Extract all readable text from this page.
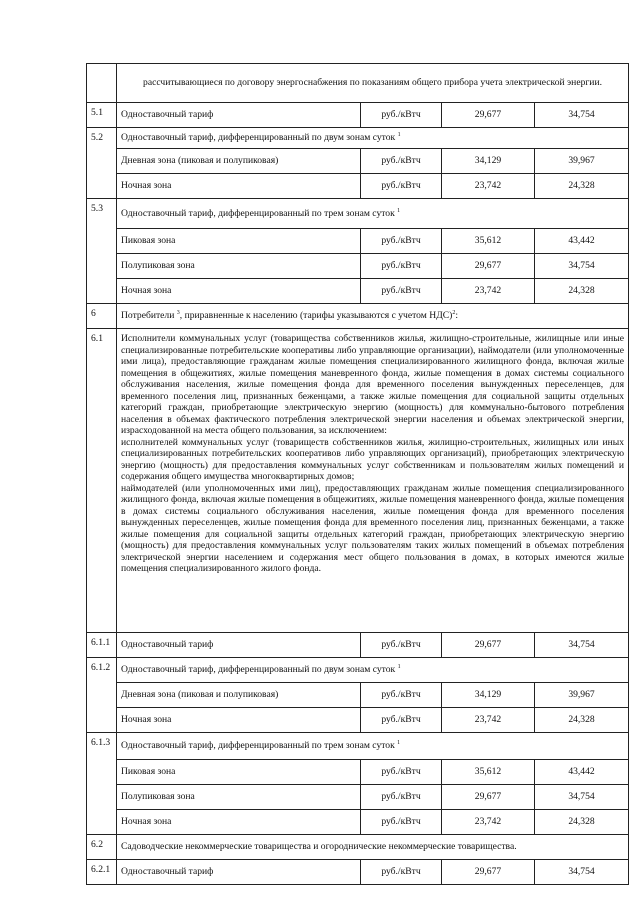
	рассчитывающиеся по договору энергоснабжения по показаниям общего прибора учета электрической энергии.			
5.1	Одноставочный тариф	руб./кВтч	29,677	34,754
5.2	Одноставочный тариф, дифференцированный по двум зонам суток $^1$
	Дневная зона (пиковая и полупиковая)	руб./кВтч	34,129	39,967
	Ночная зона	руб./кВтч	23,742	24,328
5.3	Одноставочный тариф, дифференцированный по трем зонам суток $^1$
	Пиковая зона	руб./кВтч	35,612	43,442
	Полупиковая зона	руб./кВтч	29,677	34,754
	Ночная зона	руб./кВтч	23,742	24,328
6	Потребители $^3$, приравненные к населению (тарифы указываются с учетом НДС)$^2$:			
6.1	Исполнители коммунальных услуг (товарищества собственников жилья, жилищно-строительные, жилищные или иные специализированные потребительские кооперативы либо управляющие организации), наймодатели (или уполномоченные ими лица), предоставляющие гражданам жилые помещения специализированного жилищного фонда, включая жилые помещения в общежитиях, жилые помещения маневренного фонда, жилые помещения в домах системы социального обслуживания населения, жилые помещения фонда для временного поселения вынужденных переселенцев, для временного поселения лиц, признанных беженцами, а также жилые помещения для социальной защиты отдельных категорий граждан, приобретающие электрическую энергию (мощность) для коммунально-бытового потребления населения в объемах фактического потребления электрической энергии населения и объемах электрической энергии, израсходованной на места общего пользования, за исключением:
исполнителей коммунальных услуг (товариществ собственников жилья, жилищно-строительных, жилищных или иных специализированных потребительских кооперативов либо управляющих организаций), приобретающих электрическую энергию (мощность) для предоставления коммунальных услуг собственникам и пользователям жилых помещений и содержания общего имущества многоквартирных домов;
наймодателей (или уполномоченных ими лиц), предоставляющих гражданам жилые помещения специализированного жилищного фонда, включая жилые помещения в общежитиях, жилые помещения маневренного фонда, жилые помещения в домах системы социального обслуживания населения, жилые помещения фонда для временного поселения вынужденных переселенцев, жилые помещения фонда для временного поселения лиц, признанных беженцами, а также жилые помещения для социальной защиты отдельных категорий граждан, приобретающих электрическую энергию (мощность) для предоставления коммунальных услуг пользователям таких жилых помещений в объемах потребления электрической энергии населением и содержания мест общего пользования в домах, в которых имеются жилые помещения специализированного жилого фонда.			

6.1.1	Одноставочный тариф	руб./кВтч	29,677	34,754
6.1.2	Одноставочный тариф, дифференцированный по двум зонам суток $^1$
	Дневная зона (пиковая и полупиковая)	руб./кВтч	34,129	39,967
	Ночная зона	руб./кВтч	23,742	24,328
6.1.3	Одноставочный тариф, дифференцированный по трем зонам суток $^1$
	Пиковая зона	руб./кВтч	35,612	43,442
	Полупиковая зона	руб./кВтч	29,677	34,754
	Ночная зона	руб./кВтч	23,742	24,328
6.2	Садоводческие некоммерческие товарищества и огороднические некоммерческие товарищества.			
6.2.1	Одноставочный тариф	руб./кВтч	29,677	34,754
